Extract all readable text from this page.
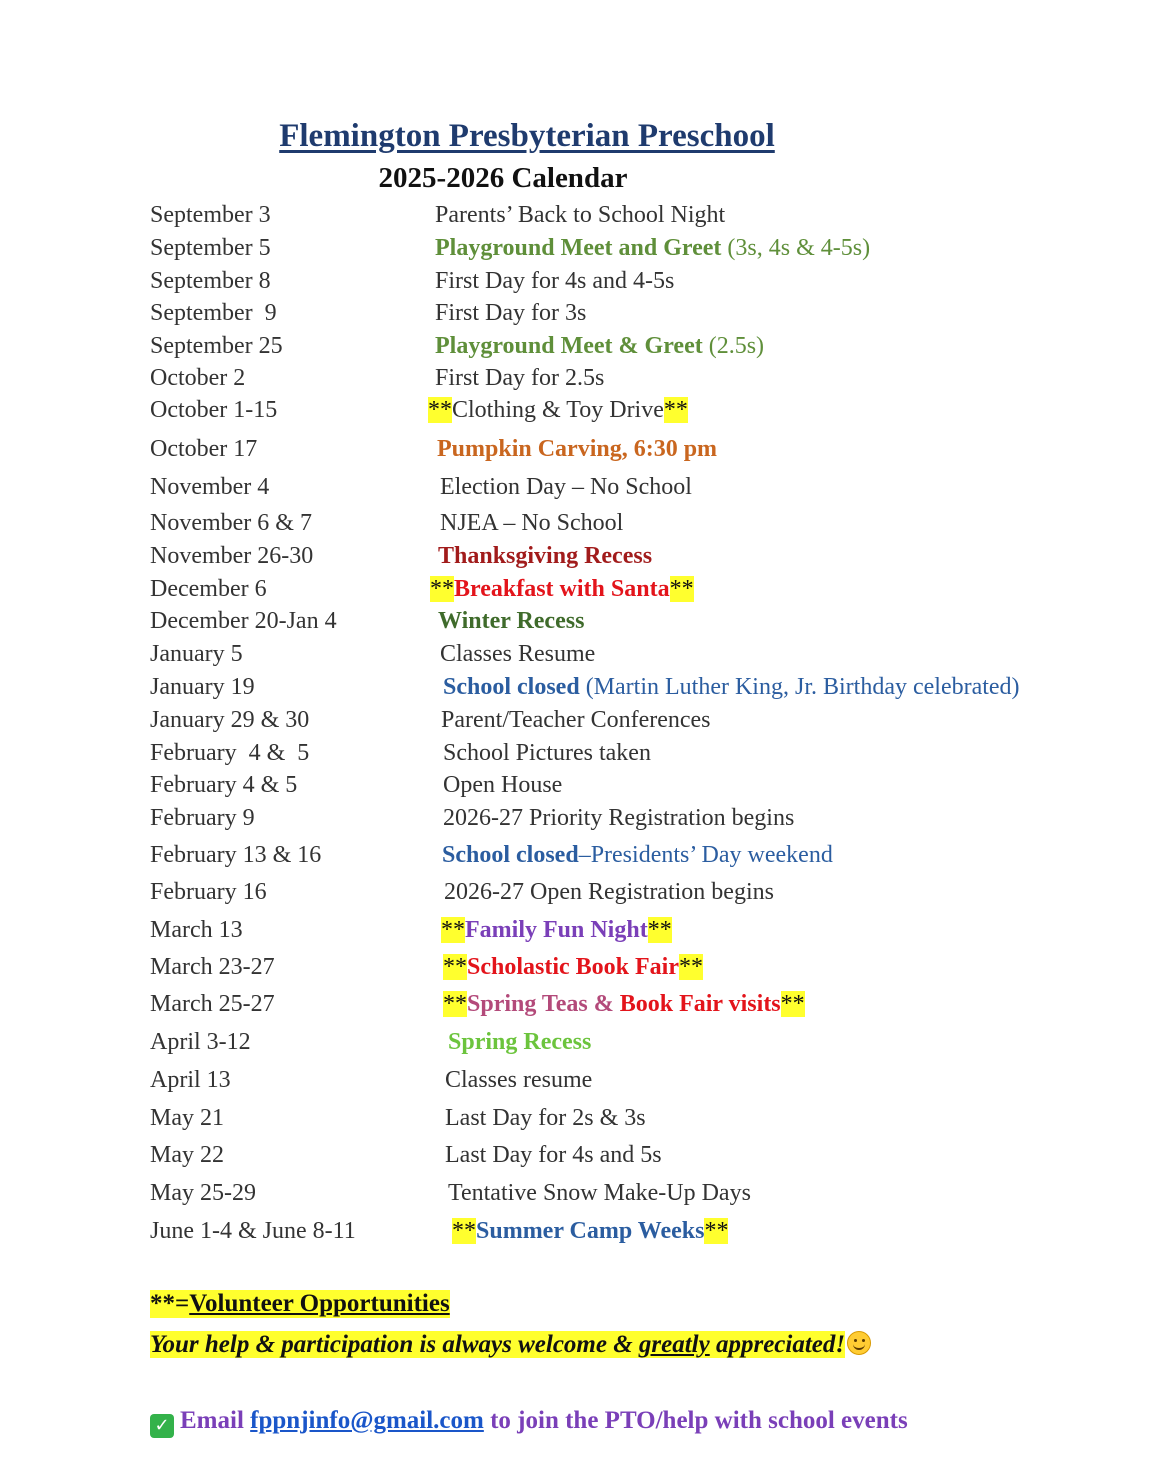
Flemington Presbyterian Preschool
2025-2026 Calendar
September 3	Parents’ Back to School Night
September 5	Playground Meet and Greet (3s, 4s & 4-5s)
September 8	First Day for 4s and 4-5s
September  9	First Day for 3s
September 25	Playground Meet & Greet (2.5s)
October 2	First Day for 2.5s
October 1-15	**Clothing & Toy Drive**
October 17	Pumpkin Carving, 6:30 pm
November 4	Election Day – No School
November 6 & 7	NJEA – No School
November 26-30	Thanksgiving Recess
December 6	**Breakfast with Santa**
December 20-Jan 4	Winter Recess
January 5	Classes Resume
January 19	School closed (Martin Luther King, Jr. Birthday celebrated)
January 29 & 30	Parent/Teacher Conferences
February  4 &  5	School Pictures taken
February 4 & 5	Open House
February 9	2026-27 Priority Registration begins
February 13 & 16	School closed–Presidents’ Day weekend
February 16	2026-27 Open Registration begins
March 13	**Family Fun Night**
March 23-27	**Scholastic Book Fair**
March 25-27	**Spring Teas & Book Fair visits**
April 3-12	Spring Recess
April 13	Classes resume
May 21	Last Day for 2s & 3s
May 22	Last Day for 4s and 5s
May 25-29	Tentative Snow Make-Up Days
June 1-4 & June 8-11	**Summer Camp Weeks**
**=Volunteer Opportunities
Your help & participation is always welcome & greatly appreciated!
✓ Email fppnjinfo@gmail.com to join the PTO/help with school events
